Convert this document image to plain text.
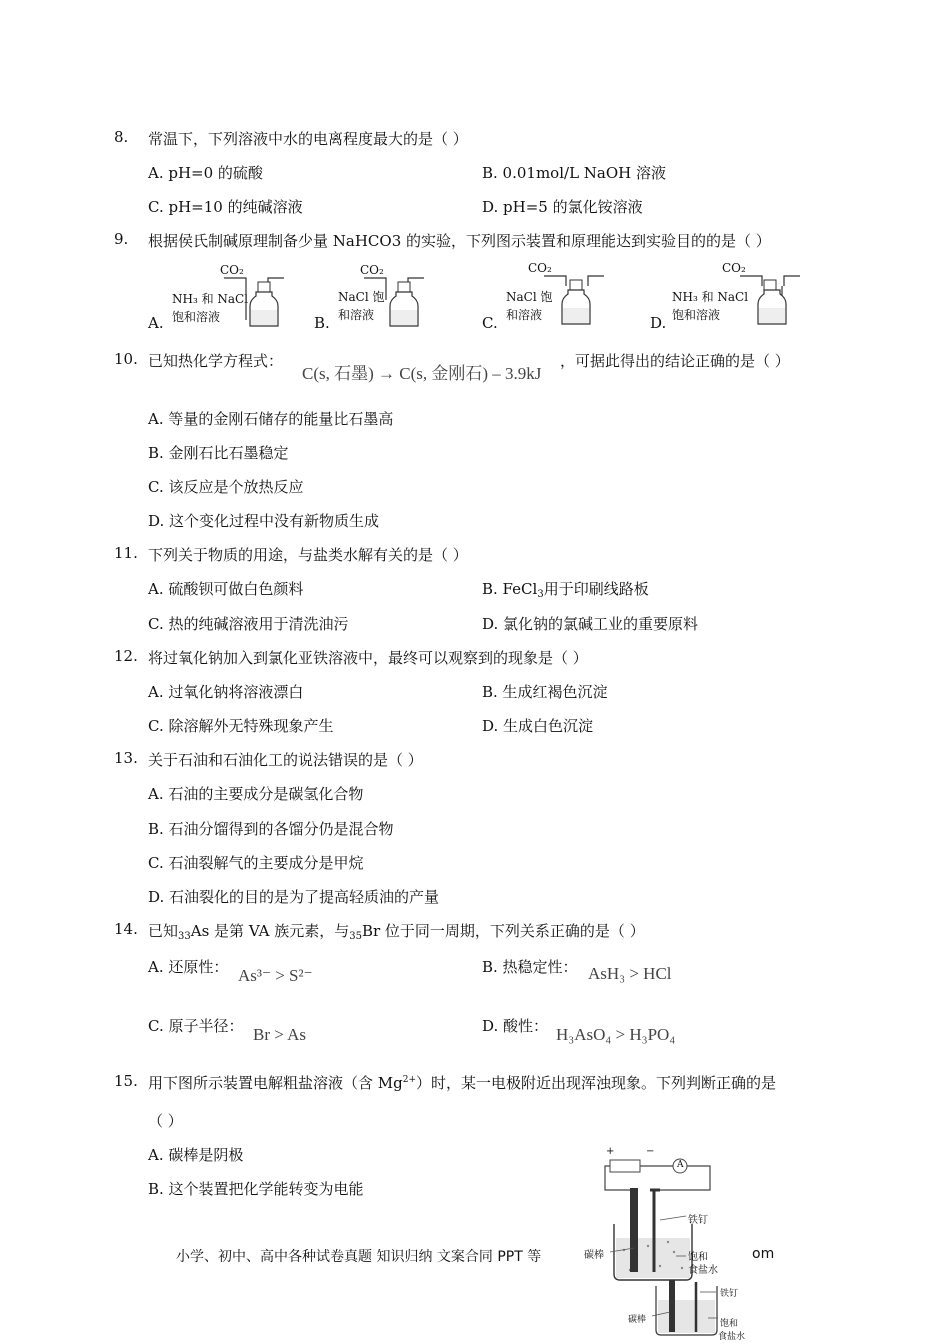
8. 常温下，下列溶液中水的电离程度最大的是（ ）
A. pH=0 的硫酸	B. 0.01mol/L NaOH 溶液
C. pH=10 的纯碱溶液	D. pH=5 的氯化铵溶液
9. 根据侯氏制碱原理制备少量 NaHCO3 的实验，下列图示装置和原理能达到实验目的的是（ ）
A.
CO₂
NH₃ 和 NaCl
饱和溶液	B.
CO₂
NaCl 饱
和溶液	C.
CO₂
NaCl 饱
和溶液	D.
CO₂
NH₃ 和 NaCl
饱和溶液
10. 已知热化学方程式：
C(s, 石墨) → C(s, 金刚石) – 3.9kJ
，可据此得出的结论正确的是（ ）
A. 等量的金刚石储存的能量比石墨高
B. 金刚石比石墨稳定
C. 该反应是个放热反应
D. 这个变化过程中没有新物质生成
11. 下列关于物质的用途，与盐类水解有关的是（ ）
A. 硫酸钡可做白色颜料	B. FeCl$_3$用于印刷线路板
C. 热的纯碱溶液用于清洗油污	D. 氯化钠的氯碱工业的重要原料
12. 将过氧化钠加入到氯化亚铁溶液中，最终可以观察到的现象是（ ）
A. 过氧化钠将溶液漂白	B. 生成红褐色沉淀
C. 除溶解外无特殊现象产生	D. 生成白色沉淀
13. 关于石油和石油化工的说法错误的是（ ）
A. 石油的主要成分是碳氢化合物
B. 石油分馏得到的各馏分仍是混合物
C. 石油裂解气的主要成分是甲烷
D. 石油裂化的目的是为了提高轻质油的产量
14. 已知$_{33}$As 是第 VA 族元素，与$_{35}$Br 位于同一周期，下列关系正确的是（ ）
A. 还原性： As³⁻ > S²⁻	B. 热稳定性： AsH₃ > HCl
C. 原子半径： Br > As	D. 酸性： H₃AsO₄ > H₃PO₄
15. 用下图所示装置电解粗盐溶液（含 $Mg^{2+}$）时，某一电极附近出现浑浊现象。下列判断正确的是
（ ）
A. 碳棒是阴极
B. 这个装置把化学能转变为电能
+	−
A
铁钉
碳棒	饱和
食盐水
铁钉
碳棒	饱和
食盐水
小学、初中、高中各种试卷真题 知识归纳 文案合同 PPT 等	om
